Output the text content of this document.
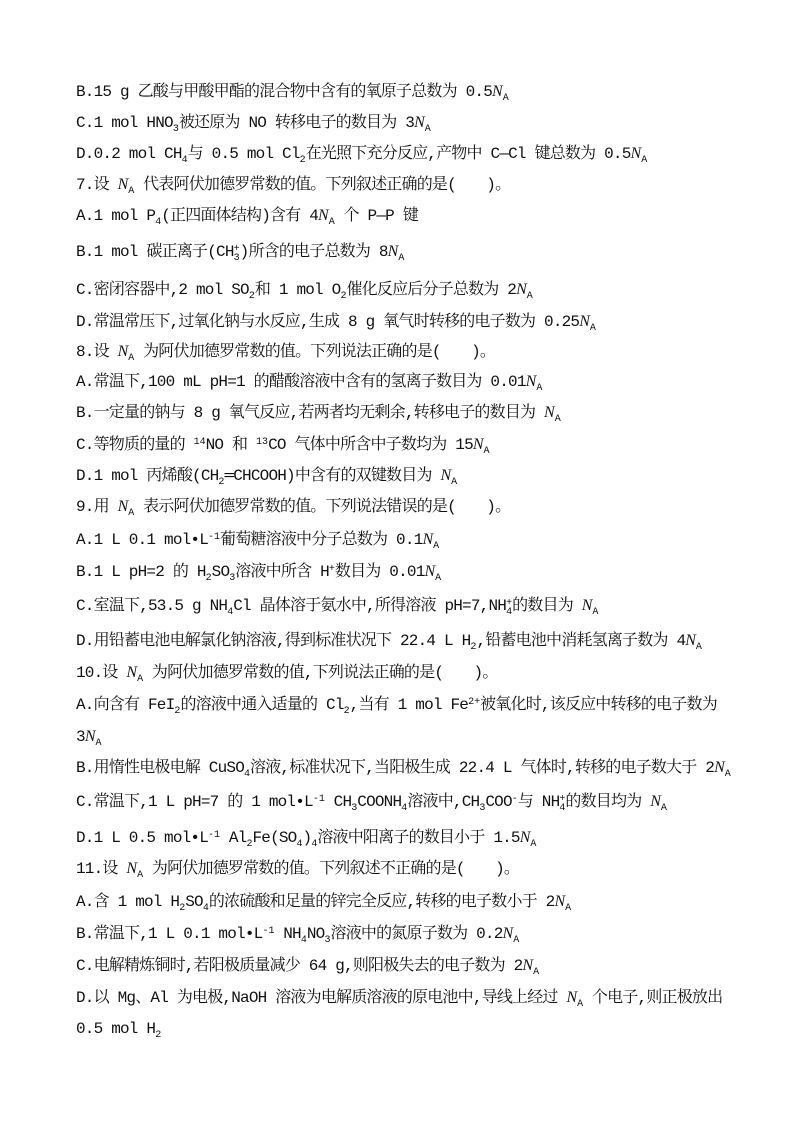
B.15 g 乙酸与甲酸甲酯的混合物中含有的氧原子总数为 $0.5N_A$
C.1 mol $HNO_3$被还原为 NO 转移电子的数目为 $3N_A$
D.0.2 mol $CH_4$与 0.5 mol $Cl_2$在光照下充分反应,产物中 C—Cl 键总数为 $0.5N_A$
7.设 $N_A$ 代表阿伏加德罗常数的值。下列叙述正确的是(　　)。
A.1 mol $P_4$(正四面体结构)含有 $4N_A$ 个 P—P 键
B.1 mol 碳正离子$(CH_3^+)$所含的电子总数为 $8N_A$
C.密闭容器中,2 mol $SO_2$和 1 mol $O_2$催化反应后分子总数为 $2N_A$
D.常温常压下,过氧化钠与水反应,生成 8 g 氧气时转移的电子数为 $0.25N_A$
8.设 $N_A$ 为阿伏加德罗常数的值。下列说法正确的是(　　)。
A.常温下,100 mL pH=1 的醋酸溶液中含有的氢离子数目为 $0.01N_A$
B.一定量的钠与 8 g 氧气反应,若两者均无剩余,转移电子的数目为 $N_A$
C.等物质的量的 $^{14}$NO 和 $^{13}$CO 气体中所含中子数均为 $15N_A$
D.1 mol 丙烯酸$(CH_2═CHCOOH)$中含有的双键数目为 $N_A$
9.用 $N_A$ 表示阿伏加德罗常数的值。下列说法错误的是(　　)。
A.1 L 0.1 $mol•L^{-1}$葡萄糖溶液中分子总数为 $0.1N_A$
B.1 L pH=2 的 $H_2SO_3$溶液中所含 H+数目为 $0.01N_A$
C.室温下,53.5 g $NH_4Cl$ 晶体溶于氨水中,所得溶液 $pH=7,NH_4^+$的数目为 $N_A$
D.用铅蓄电池电解氯化钠溶液,得到标准状况下 22.4 L $H_2$,铅蓄电池中消耗氢离子数为 $4N_A$
10.设 $N_A$ 为阿伏加德罗常数的值,下列说法正确的是(　　)。
A.向含有 FeI$_2$的溶液中通入适量的 $Cl_2$,当有 1 mol $Fe^{2+}$被氧化时,该反应中转移的电子数为
$3N_A$
B.用惰性电极电解 CuSO$_4$溶液,标准状况下,当阳极生成 22.4 L 气体时,转移的电子数大于 $2N_A$
C.常温下,1 L pH=7 的 1 $mol•L^{-1}$ $CH_3COONH_4$溶液中$,CH_3COO^-$与 $NH_4^+$的数目均为 $N_A$
D.1 L 0.5 $mol•L^{-1}$ $Al_2Fe(SO_4)_4$溶液中阳离子的数目小于 $1.5N_A$
11.设 $N_A$ 为阿伏加德罗常数的值。下列叙述不正确的是(　　)。
A.含 1 mol $H_2SO_4$的浓硫酸和足量的锌完全反应,转移的电子数小于 $2N_A$
B.常温下,1 L 0.1 $mol•L^{-1}$ $NH_4NO_3$溶液中的氮原子数为 $0.2N_A$
C.电解精炼铜时,若阳极质量减少 64 g,则阳极失去的电子数为 $2N_A$
D.以 Mg、Al 为电极,NaOH 溶液为电解质溶液的原电池中,导线上经过 $N_A$ 个电子,则正极放出
0.5 mol $H_2$
